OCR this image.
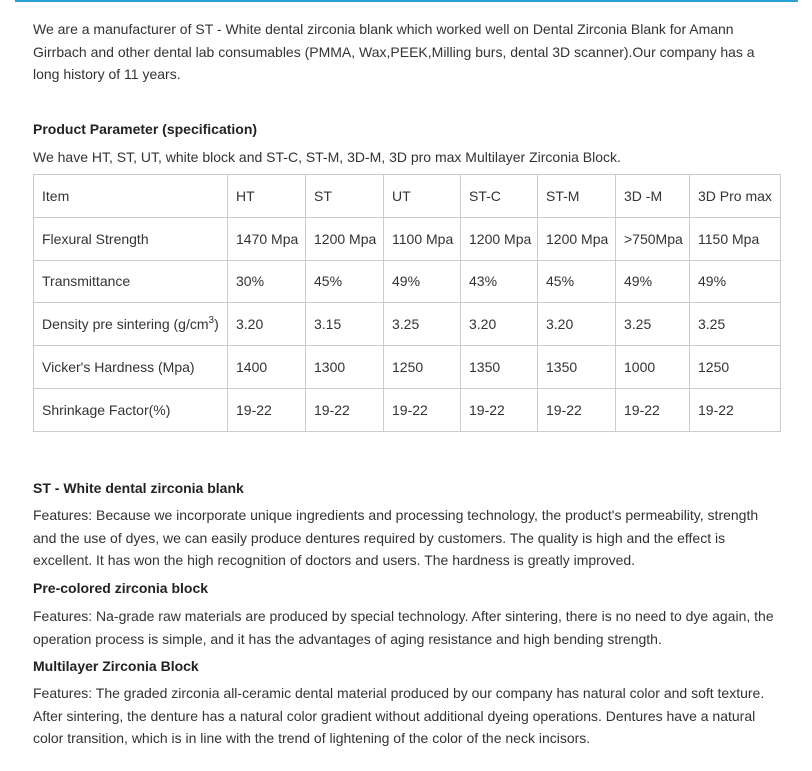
We are a manufacturer of ST - White dental zirconia blank which worked well on Dental Zirconia Blank for Amann Girrbach and other dental lab consumables (PMMA, Wax,PEEK,Milling burs, dental 3D scanner).Our company has a long history of 11 years.

Product Parameter (specification)

We have HT, ST, UT, white block and ST-C, ST-M, 3D-M, 3D pro max Multilayer Zirconia Block.

Item	HT	ST	UT	ST-C	ST-M	3D -M	3D Pro max
Flexural Strength	1470 Mpa	1200 Mpa	1100 Mpa	1200 Mpa	1200 Mpa	>750Mpa	1150 Mpa
Transmittance	30%	45%	49%	43%	45%	49%	49%
Density pre sintering $(g/cm^3)$	3.20	3.15	3.25	3.20	3.20	3.25	3.25
Vicker's Hardness (Mpa)	1400	1300	1250	1350	1350	1000	1250
Shrinkage Factor(%)	19-22	19-22	19-22	19-22	19-22	19-22	19-22
ST - White dental zirconia blank

Features: Because we incorporate unique ingredients and processing technology, the product's permeability, strength and the use of dyes, we can easily produce dentures required by customers. The quality is high and the effect is excellent. It has won the high recognition of doctors and users. The hardness is greatly improved.

Pre-colored zirconia block

Features: Na-grade raw materials are produced by special technology. After sintering, there is no need to dye again, the operation process is simple, and it has the advantages of aging resistance and high bending strength.

Multilayer Zirconia Block

Features: The graded zirconia all-ceramic dental material produced by our company has natural color and soft texture. After sintering, the denture has a natural color gradient without additional dyeing operations. Dentures have a natural color transition, which is in line with the trend of lightening of the color of the neck incisors.
